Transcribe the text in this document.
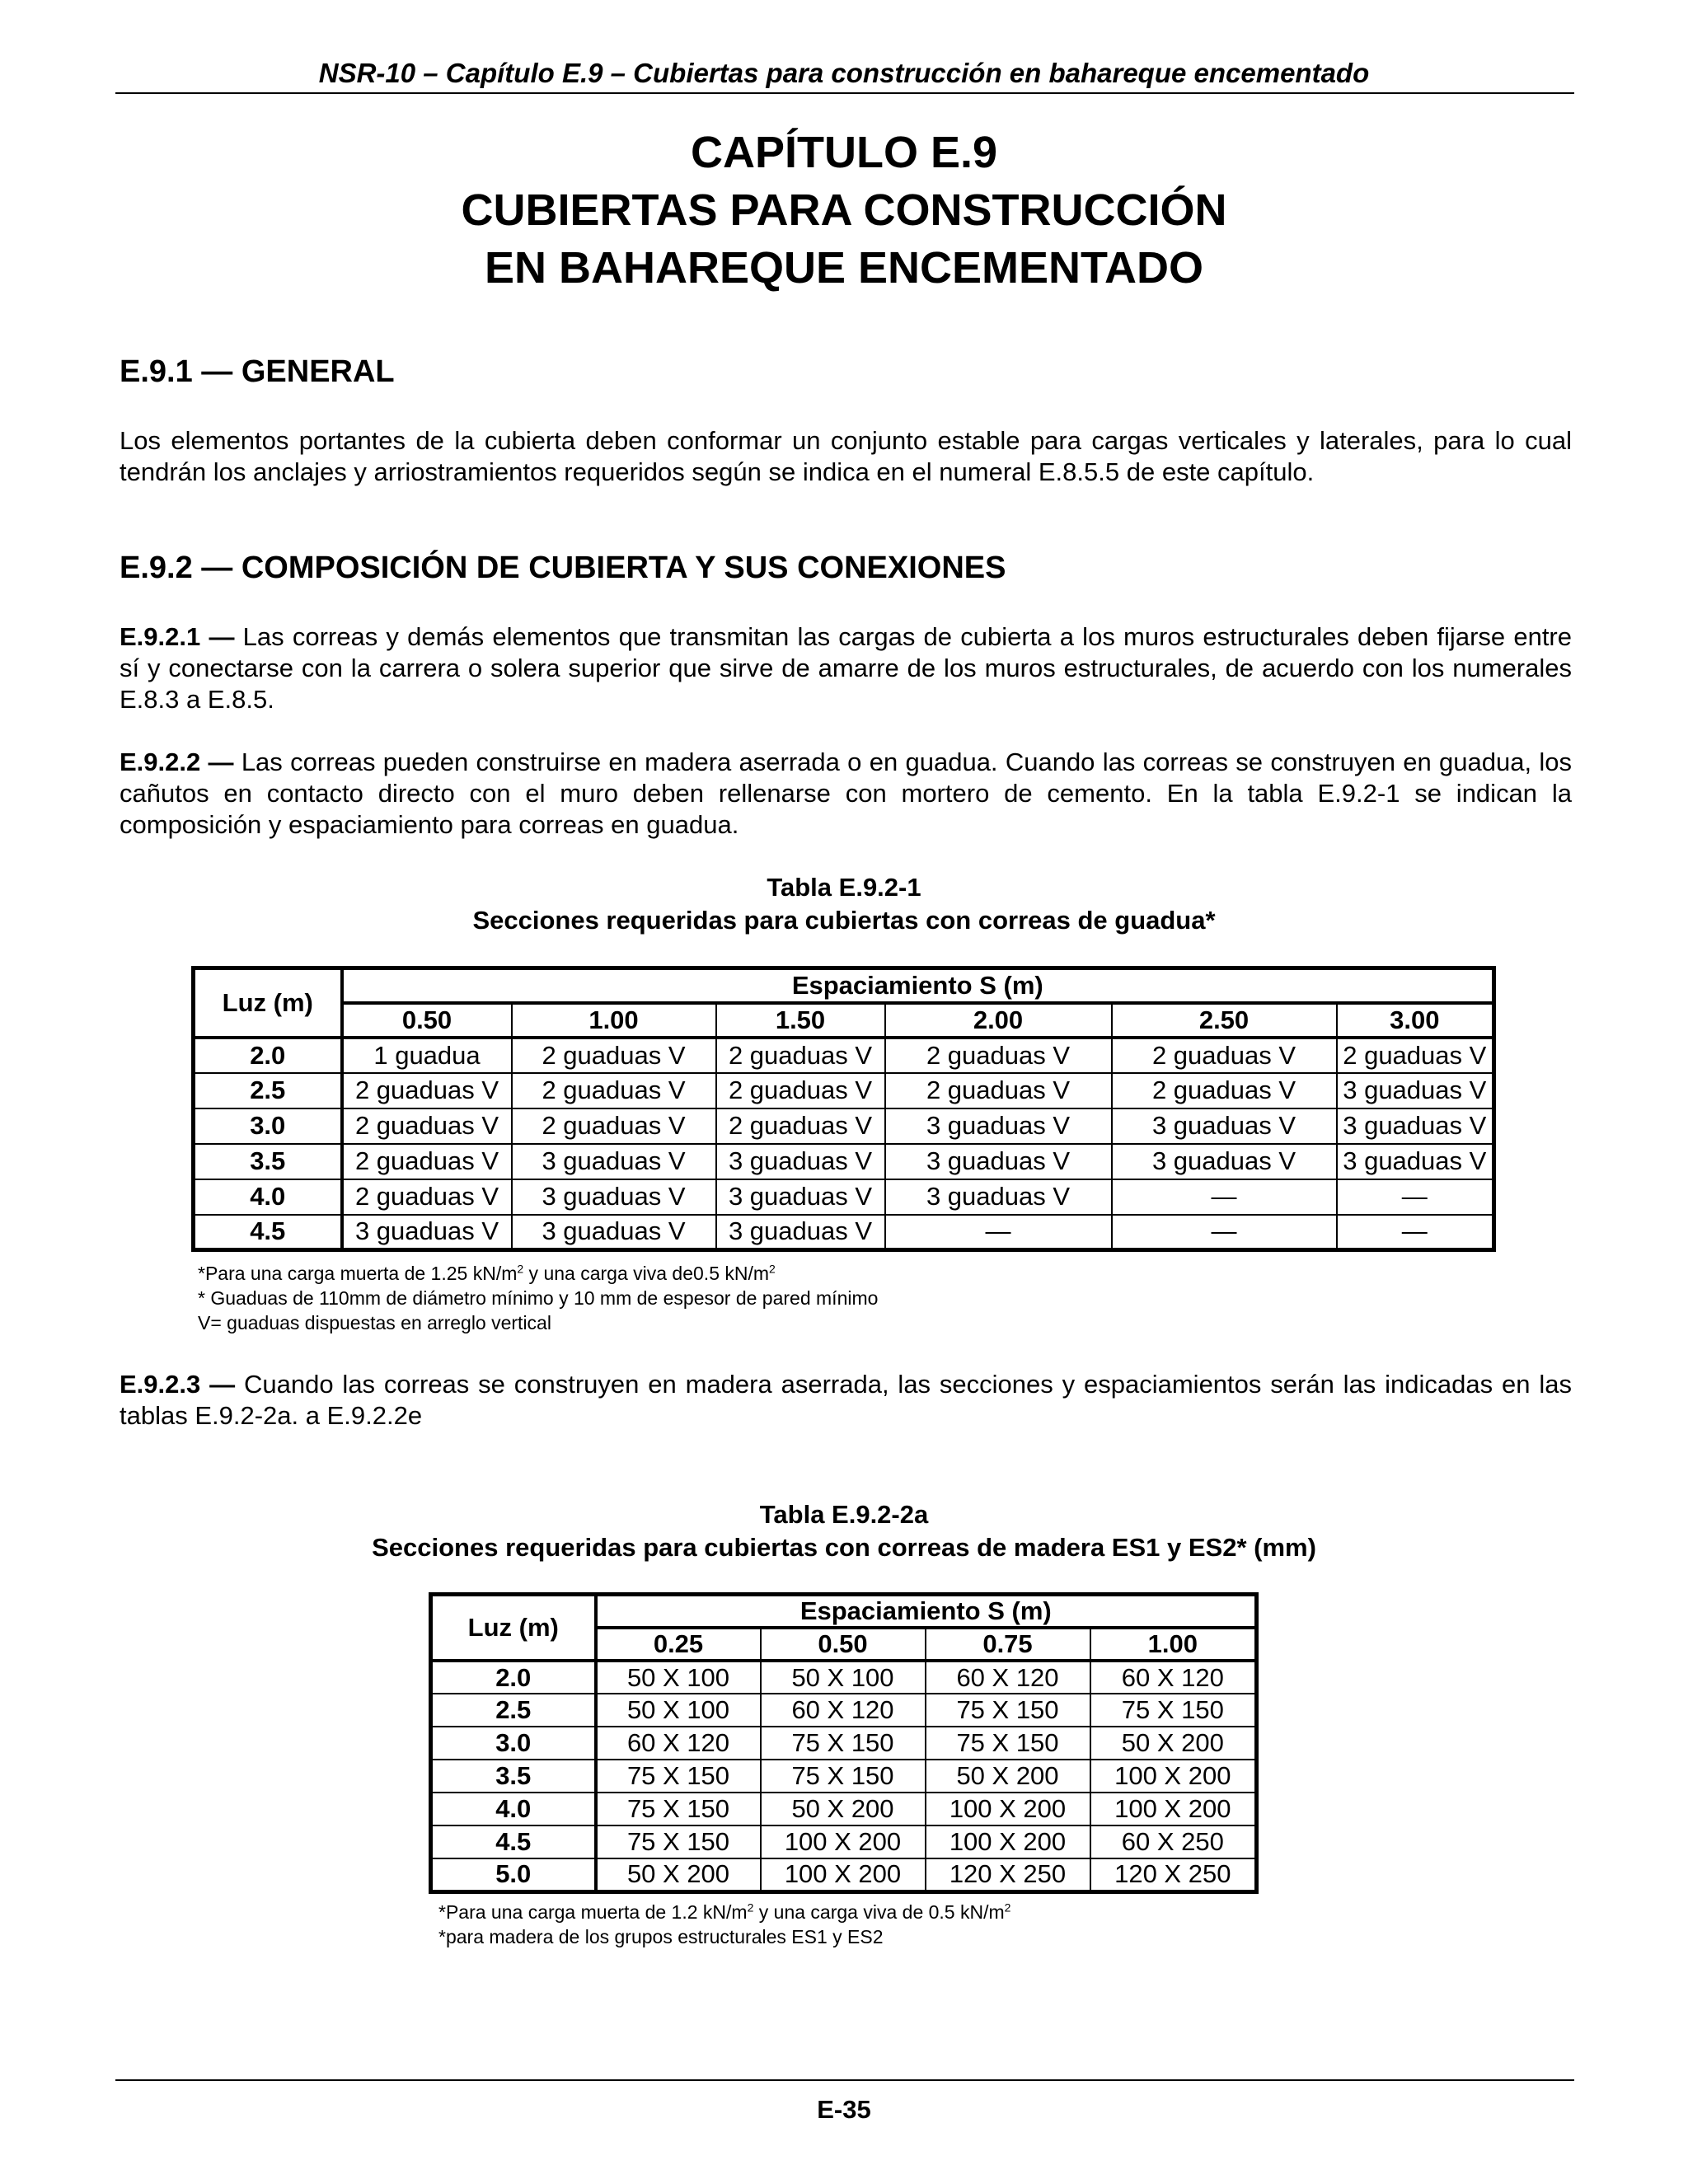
NSR-10 – Capítulo E.9 – Cubiertas para construcción en bahareque encementado
CAPÍTULO E.9
CUBIERTAS PARA CONSTRUCCIÓN
EN BAHAREQUE ENCEMENTADO
E.9.1 — GENERAL
Los elementos portantes de la cubierta deben conformar un conjunto estable para cargas verticales y laterales, para lo cual tendrán los anclajes y arriostramientos requeridos según se indica en el numeral E.8.5.5 de este capítulo.
E.9.2 — COMPOSICIÓN DE CUBIERTA Y SUS CONEXIONES
E.9.2.1 — Las correas y demás elementos que transmitan las cargas de cubierta a los muros estructurales deben fijarse entre sí y conectarse con la carrera o solera superior que sirve de amarre de los muros estructurales, de acuerdo con los numerales E.8.3 a E.8.5.
E.9.2.2 — Las correas pueden construirse en madera aserrada o en guadua. Cuando las correas se construyen en guadua, los cañutos en contacto directo con el muro deben rellenarse con mortero de cemento. En la tabla E.9.2-1 se indican la composición y espaciamiento para correas en guadua.
Tabla E.9.2-1
Secciones requeridas para cubiertas con correas de guadua*
Luz (m)	Espaciamiento S (m)					
	0.50	1.00	1.50	2.00	2.50	3.00
2.0	1 guadua	2 guaduas V	2 guaduas V	2 guaduas V	2 guaduas V	2 guaduas V
2.5	2 guaduas V	2 guaduas V	2 guaduas V	2 guaduas V	2 guaduas V	3 guaduas V
3.0	2 guaduas V	2 guaduas V	2 guaduas V	3 guaduas V	3 guaduas V	3 guaduas V
3.5	2 guaduas V	3 guaduas V	3 guaduas V	3 guaduas V	3 guaduas V	3 guaduas V
4.0	2 guaduas V	3 guaduas V	3 guaduas V	3 guaduas V	—	—
4.5	3 guaduas V	3 guaduas V	3 guaduas V	—	—	—
*Para una carga muerta de 1.25 $kN/m^2$ y una carga viva de0.5 $kN/m^2$
* Guaduas de 110mm de diámetro mínimo y 10 mm de espesor de pared mínimo
V= guaduas dispuestas en arreglo vertical
E.9.2.3 — Cuando las correas se construyen en madera aserrada, las secciones y espaciamientos serán las indicadas en las tablas E.9.2-2a. a E.9.2.2e
Tabla E.9.2-2a
Secciones requeridas para cubiertas con correas de madera ES1 y ES2* (mm)
Luz (m)	Espaciamiento S (m)			
	0.25	0.50	0.75	1.00
2.0	50 X 100	50 X 100	60 X 120	60 X 120
2.5	50 X 100	60 X 120	75 X 150	75 X 150
3.0	60 X 120	75 X 150	75 X 150	50 X 200
3.5	75 X 150	75 X 150	50 X 200	100 X 200
4.0	75 X 150	50 X 200	100 X 200	100 X 200
4.5	75 X 150	100 X 200	100 X 200	60 X 250
5.0	50 X 200	100 X 200	120 X 250	120 X 250
*Para una carga muerta de 1.2 $kN/m^2$ y una carga viva de 0.5 $kN/m^2$
*para madera de los grupos estructurales ES1 y ES2
E-35
